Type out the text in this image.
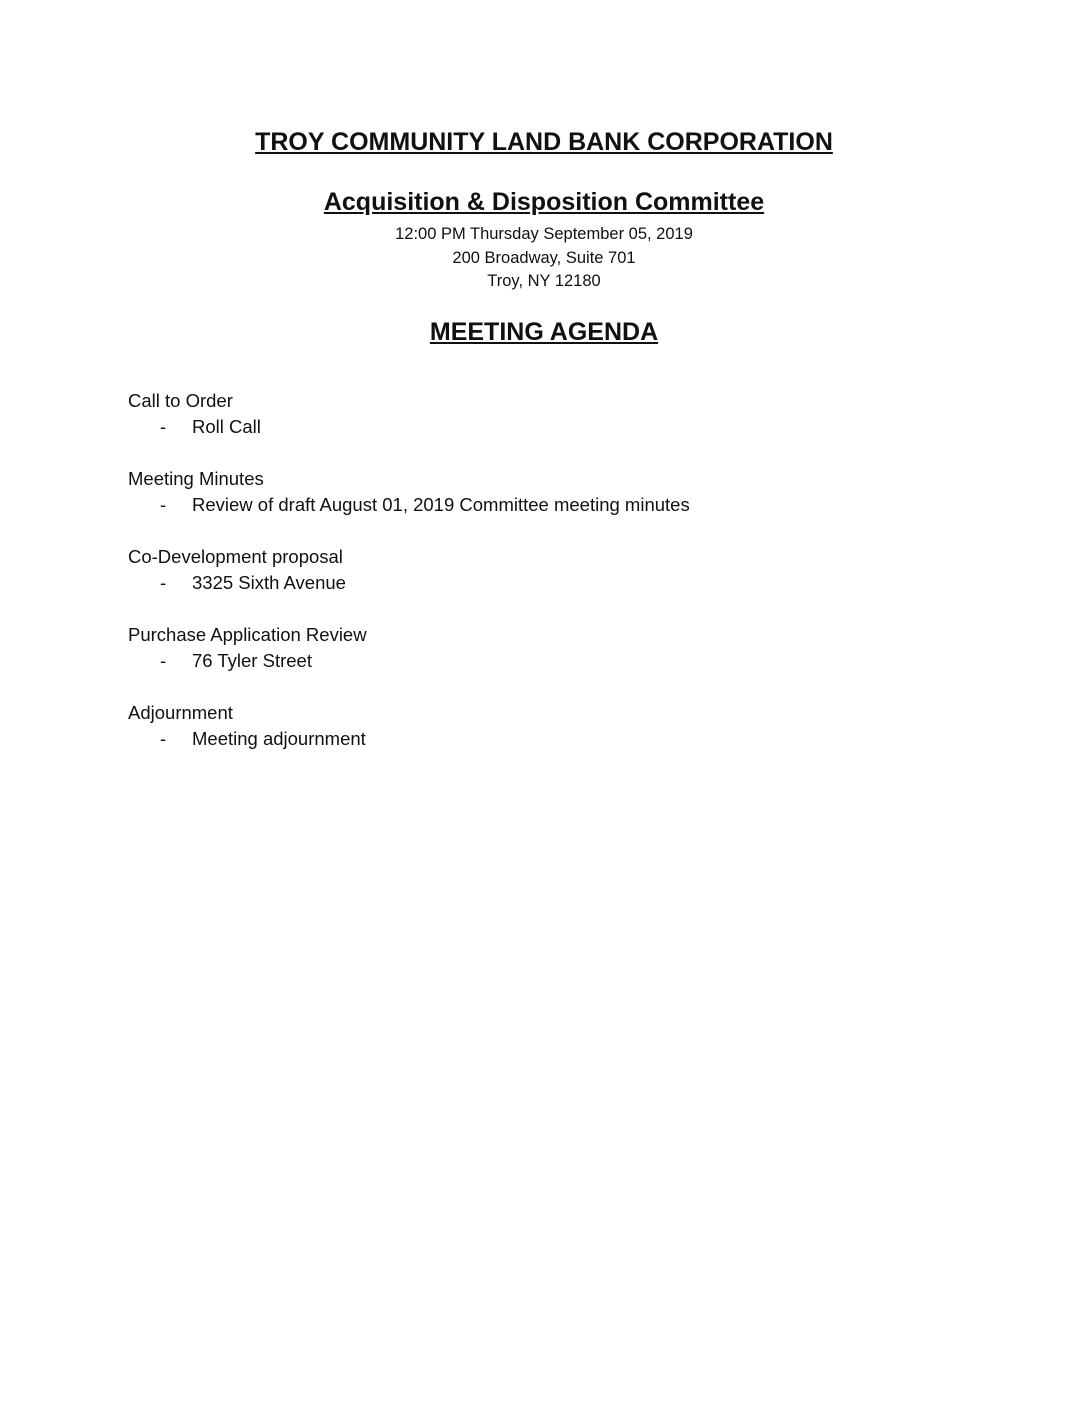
TROY COMMUNITY LAND BANK CORPORATION
Acquisition & Disposition Committee
12:00 PM Thursday September 05, 2019
200 Broadway, Suite 701
Troy, NY 12180
MEETING AGENDA
Call to Order
- Roll Call
Meeting Minutes
- Review of draft August 01, 2019 Committee meeting minutes
Co-Development proposal
- 3325 Sixth Avenue
Purchase Application Review
- 76 Tyler Street
Adjournment
- Meeting adjournment
